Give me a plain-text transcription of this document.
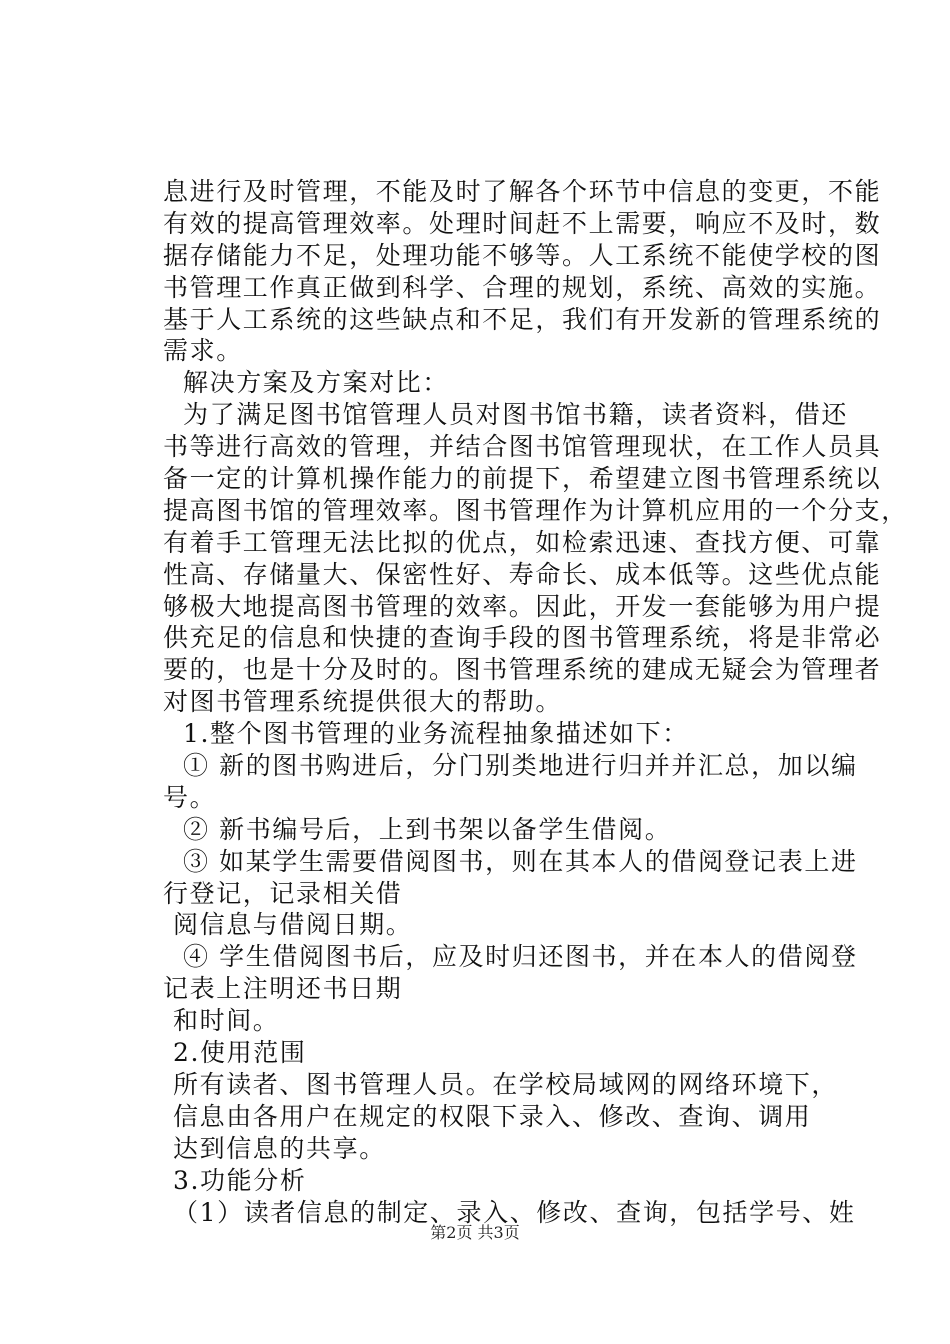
息进行及时管理，不能及时了解各个环节中信息的变更，不能
有效的提高管理效率。处理时间赶不上需要，响应不及时，数
据存储能力不足，处理功能不够等。人工系统不能使学校的图
书管理工作真正做到科学、合理的规划，系统、高效的实施。
基于人工系统的这些缺点和不足，我们有开发新的管理系统的
需求。
解决方案及方案对比：
为了满足图书馆管理人员对图书馆书籍，读者资料，借还
书等进行高效的管理，并结合图书馆管理现状，在工作人员具
备一定的计算机操作能力的前提下，希望建立图书管理系统以
提高图书馆的管理效率。图书管理作为计算机应用的一个分支，
有着手工管理无法比拟的优点，如检索迅速、查找方便、可靠
性高、存储量大、保密性好、寿命长、成本低等。这些优点能
够极大地提高图书管理的效率。因此，开发一套能够为用户提
供充足的信息和快捷的查询手段的图书管理系统，将是非常必
要的，也是十分及时的。图书管理系统的建成无疑会为管理者
对图书管理系统提供很大的帮助。
1.整个图书管理的业务流程抽象描述如下：
① 新的图书购进后，分门别类地进行归并并汇总，加以编
号。
② 新书编号后，上到书架以备学生借阅。
③ 如某学生需要借阅图书，则在其本人的借阅登记表上进
行登记，记录相关借
阅信息与借阅日期。
④ 学生借阅图书后，应及时归还图书，并在本人的借阅登
记表上注明还书日期
和时间。
2.使用范围
所有读者、图书管理人员。在学校局域网的网络环境下，
信息由各用户在规定的权限下录入、修改、查询、调用
达到信息的共享。
3.功能分析
（1）读者信息的制定、录入、修改、查询，包括学号、姓
第2页 共3页
